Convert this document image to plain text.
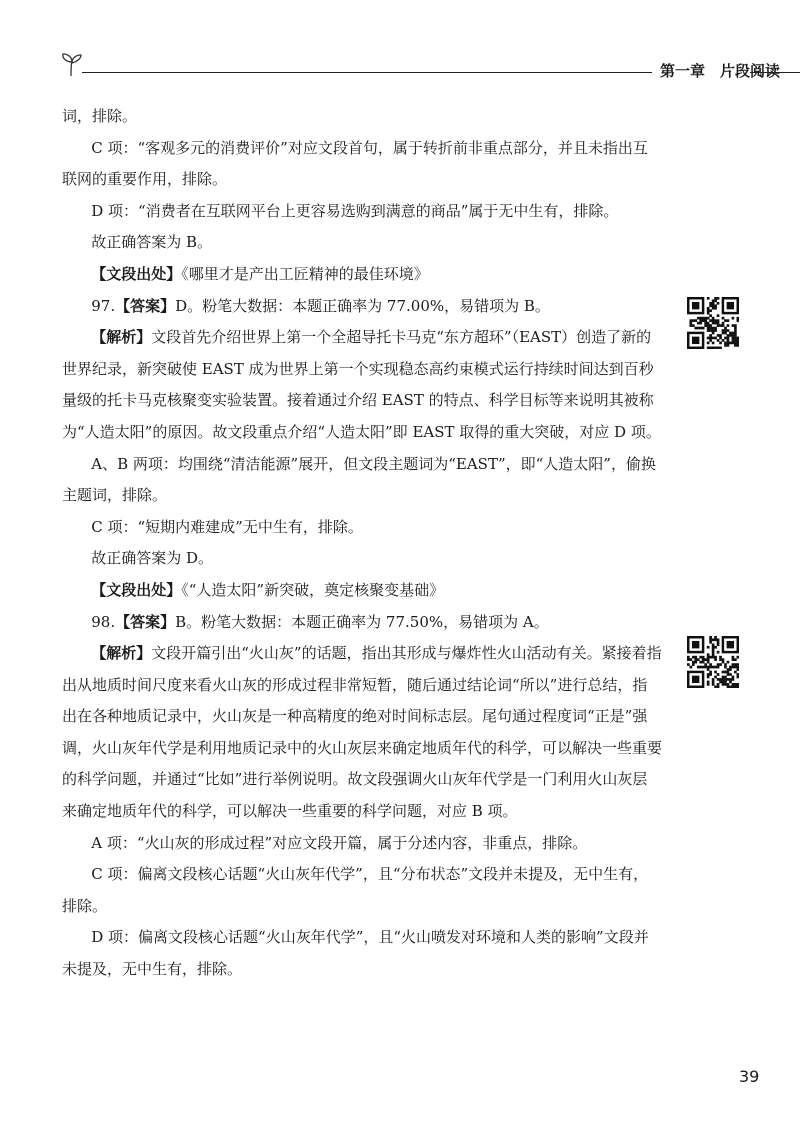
第一章　片段阅读

词，排除。

C 项：“客观多元的消费评价”对应文段首句，属于转折前非重点部分，并且未指出互联网的重要作用，排除。

D 项：“消费者在互联网平台上更容易选购到满意的商品”属于无中生有，排除。

故正确答案为 B。

【文段出处】《哪里才是产出工匠精神的最佳环境》

97.【答案】D。粉笔大数据：本题正确率为 77.00%，易错项为 B。

【解析】文段首先介绍世界上第一个全超导托卡马克“东方超环”（EAST）创造了新的世界纪录，新突破使 EAST 成为世界上第一个实现稳态高约束模式运行持续时间达到百秒量级的托卡马克核聚变实验装置。接着通过介绍 EAST 的特点、科学目标等来说明其被称为“人造太阳”的原因。故文段重点介绍“人造太阳”即 EAST 取得的重大突破，对应 D 项。

A、B 两项：均围绕“清洁能源”展开，但文段主题词为“EAST”，即“人造太阳”，偷换主题词，排除。

C 项：“短期内难建成”无中生有，排除。

故正确答案为 D。

【文段出处】《“人造太阳”新突破，奠定核聚变基础》

98.【答案】B。粉笔大数据：本题正确率为 77.50%，易错项为 A。

【解析】文段开篇引出“火山灰”的话题，指出其形成与爆炸性火山活动有关。紧接着指出从地质时间尺度来看火山灰的形成过程非常短暂，随后通过结论词“所以”进行总结，指出在各种地质记录中，火山灰是一种高精度的绝对时间标志层。尾句通过程度词“正是”强调，火山灰年代学是利用地质记录中的火山灰层来确定地质年代的科学，可以解决一些重要的科学问题，并通过“比如”进行举例说明。故文段强调火山灰年代学是一门利用火山灰层来确定地质年代的科学，可以解决一些重要的科学问题，对应 B 项。

A 项：“火山灰的形成过程”对应文段开篇，属于分述内容，非重点，排除。

C 项：偏离文段核心话题“火山灰年代学”，且“分布状态”文段并未提及，无中生有，排除。

D 项：偏离文段核心话题“火山灰年代学”，且“火山喷发对环境和人类的影响”文段并未提及，无中生有，排除。

39
